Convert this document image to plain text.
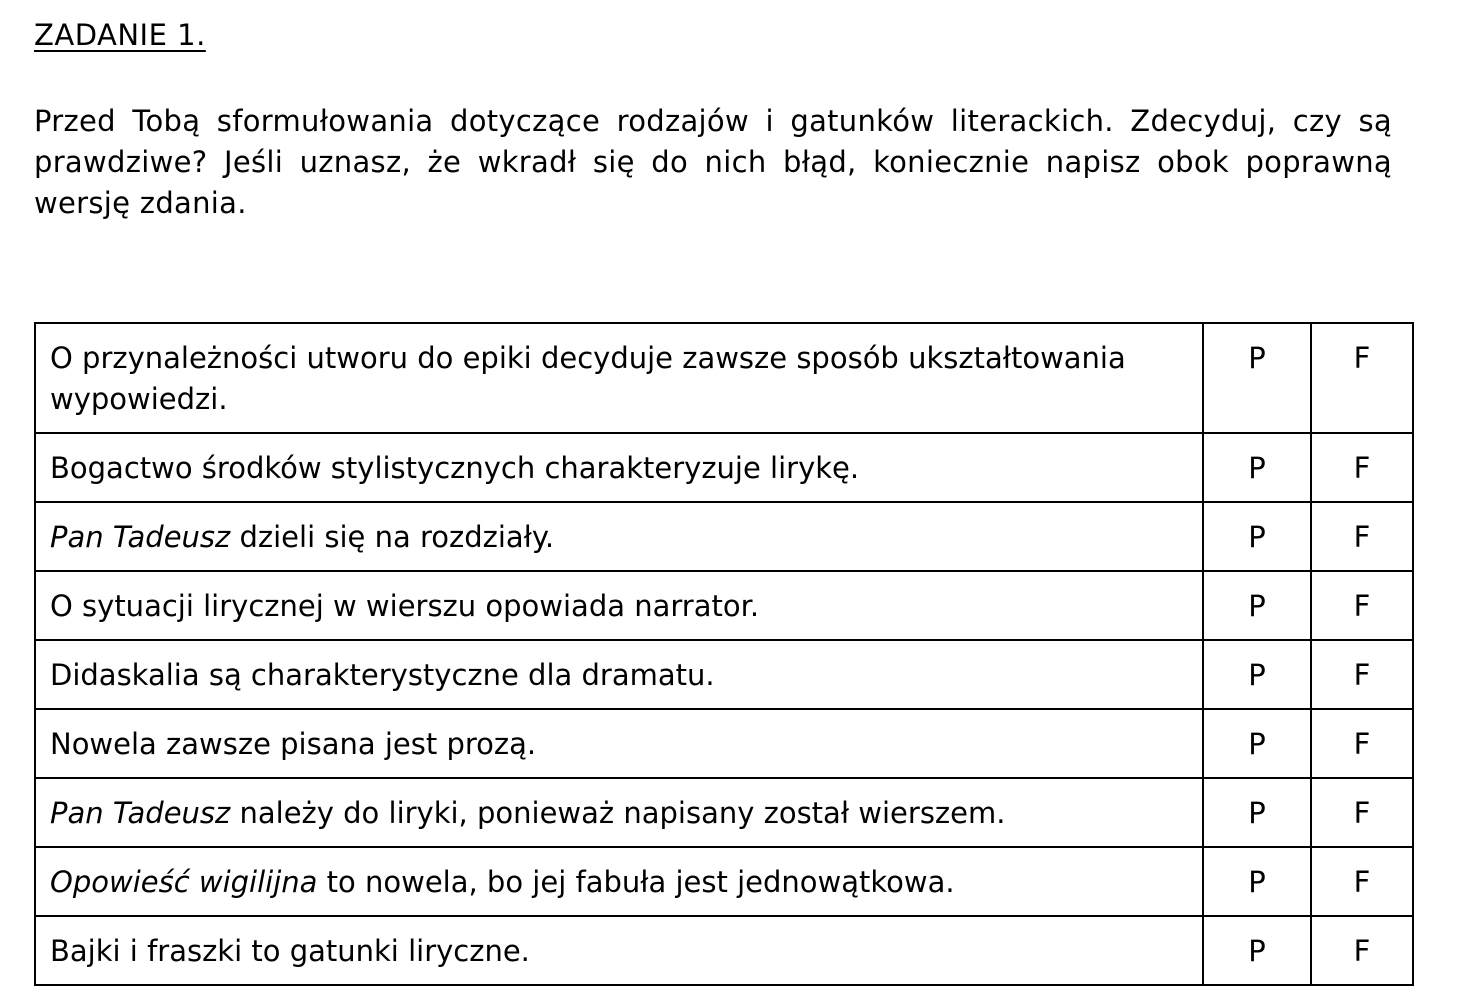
ZADANIE 1.
Przed Tobą sformułowania dotyczące rodzajów i gatunków literackich. Zdecyduj, czy są prawdziwe? Jeśli uznasz, że wkradł się do nich błąd, koniecznie napisz obok poprawną wersję zdania.
O przynależności utworu do epiki decyduje zawsze sposób ukształtowania wypowiedzi.	P	F
Bogactwo środków stylistycznych charakteryzuje lirykę.	P	F
Pan Tadeusz dzieli się na rozdziały.	P	F
O sytuacji lirycznej w wierszu opowiada narrator.	P	F
Didaskalia są charakterystyczne dla dramatu.	P	F
Nowela zawsze pisana jest prozą.	P	F
Pan Tadeusz należy do liryki, ponieważ napisany został wierszem.	P	F
Opowieść wigilijna to nowela, bo jej fabuła jest jednowątkowa.	P	F
Bajki i fraszki to gatunki liryczne.	P	F
